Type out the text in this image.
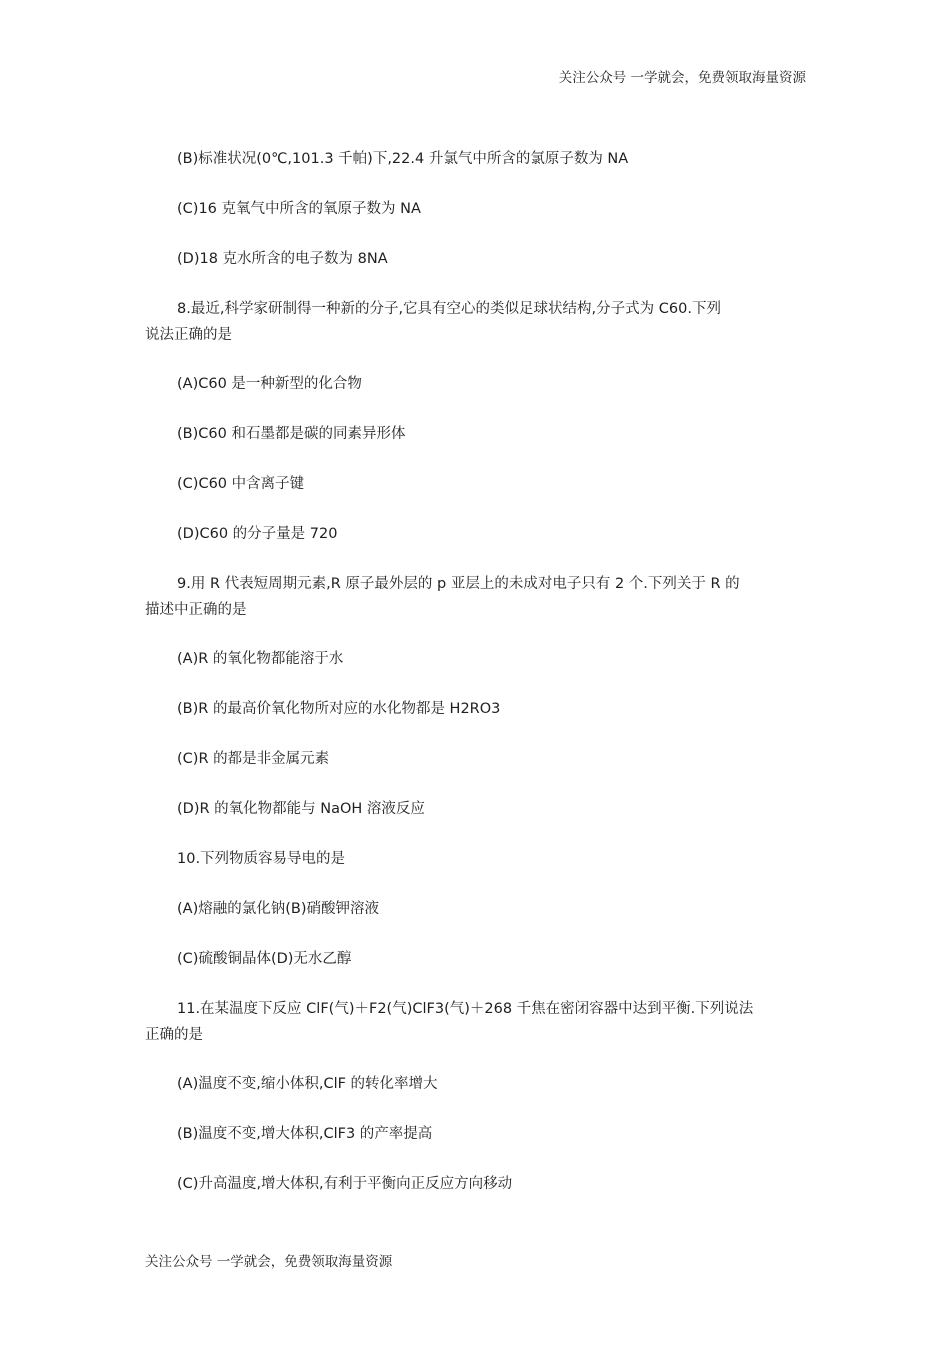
关注公众号 一学就会，免费领取海量资源
(B)标准状况(0℃,101.3 千帕)下,22.4 升氯气中所含的氯原子数为 NA
(C)16 克氧气中所含的氧原子数为 NA
(D)18 克水所含的电子数为 8NA
8.最近,科学家研制得一种新的分子,它具有空心的类似足球状结构,分子式为 C60.下列
说法正确的是
(A)C60 是一种新型的化合物
(B)C60 和石墨都是碳的同素异形体
(C)C60 中含离子键
(D)C60 的分子量是 720
9.用 R 代表短周期元素,R 原子最外层的 p 亚层上的未成对电子只有 2 个.下列关于 R 的
描述中正确的是
(A)R 的氧化物都能溶于水
(B)R 的最高价氧化物所对应的水化物都是 H2RO3
(C)R 的都是非金属元素
(D)R 的氧化物都能与 NaOH 溶液反应
10.下列物质容易导电的是
(A)熔融的氯化钠(B)硝酸钾溶液
(C)硫酸铜晶体(D)无水乙醇
11.在某温度下反应 ClF(气)＋F2(气)ClF3(气)＋268 千焦在密闭容器中达到平衡.下列说法
正确的是
(A)温度不变,缩小体积,ClF 的转化率增大
(B)温度不变,增大体积,ClF3 的产率提高
(C)升高温度,增大体积,有利于平衡向正反应方向移动
关注公众号 一学就会，免费领取海量资源
